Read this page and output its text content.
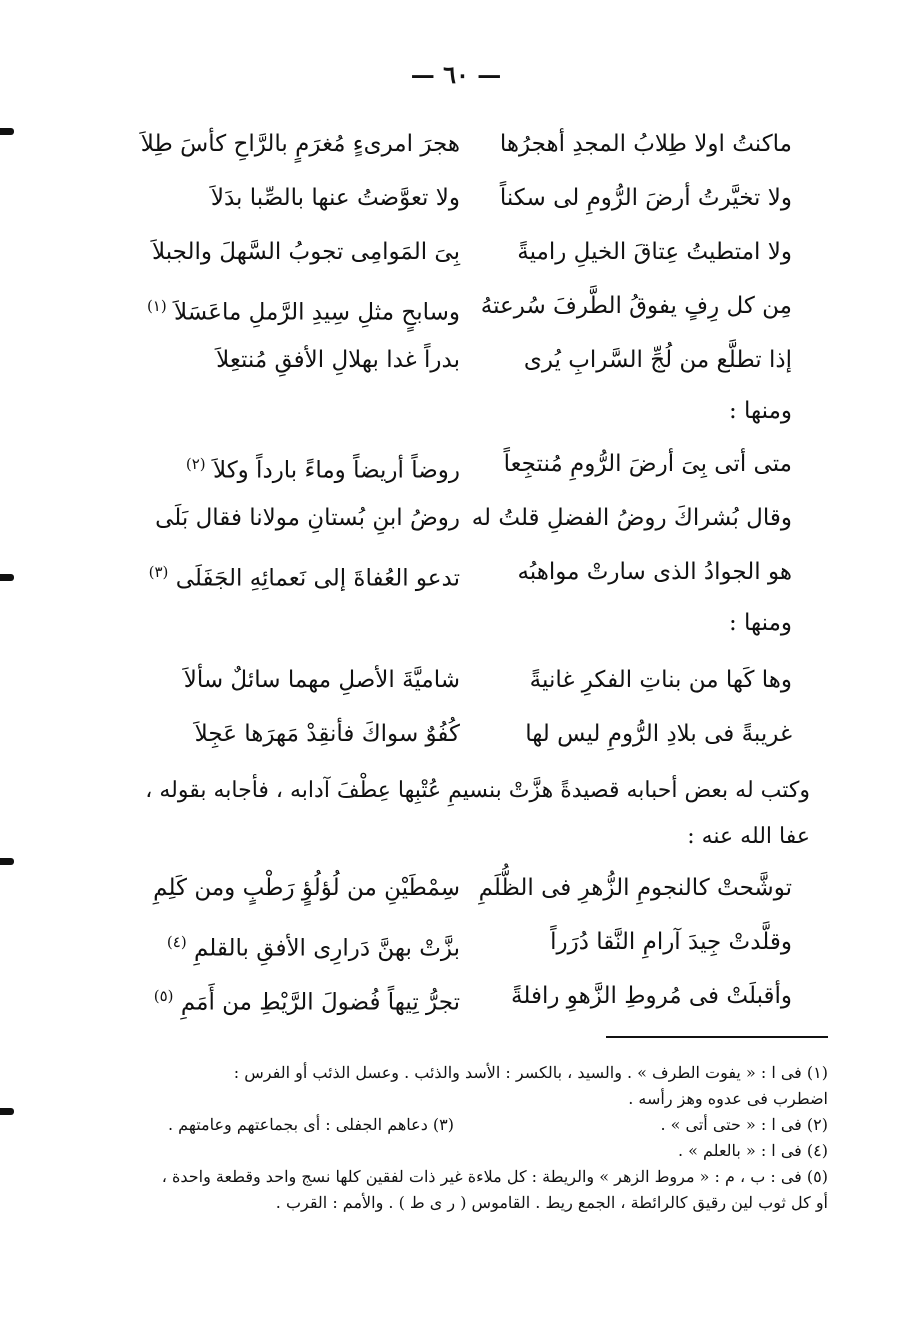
— ٦٠ —
ماكنتُ اولا طِلابُ المجدِ أهجرُها
هجرَ امرىءٍ مُغرَمٍ بالرَّاحِ كأسَ طِلاَ
ولا تخيَّرتُ أرضَ الرُّومِ لى سكناً
ولا تعوَّضتُ عنها بالصِّبا بدَلاَ
ولا امتطيتُ عِتاقَ الخيلِ راميةً
بِىَ المَوامِى تجوبُ السَّهلَ والجبلاَ
مِن كل رِفٍ يفوقُ الطَّرفَ سُرعتهُ
وسابحٍ مثلِ سِيدِ الرَّملِ ماعَسَلاَ $^{(١)}$
إذا تطلَّع من لُجِّ السَّرابِ يُرى
بدراً غدا بهلالِ الأفقِ مُنتعِلاَ
ومنها :
متى أتى بِىَ أرضَ الرُّومِ مُنتجِعاً
روضاً أريضاً وماءً بارداً وكلاَ $^{(٢)}$
وقال بُشراكَ روضُ الفضلِ قلتُ له
روضُ ابنِ بُستانِ مولانا فقال بَلَى
هو الجوادُ الذى سارتْ مواهبُه
تدعو العُفاةَ إلى نَعمائِهِ الجَفَلَى $^{(٣)}$
ومنها :
وها كَها من بناتِ الفكرِ غانيةً
شاميَّةَ الأصلِ مهما سائلٌ سألاَ
غريبةً فى بلادِ الرُّومِ ليس لها
كُفُوٌ سواكَ فأنقِدْ مَهرَها عَجِلاَ
وكتب له بعض أحبابه قصيدةً هزَّتْ بنسيمِ عُتْبِها عِطْفَ آدابه ، فأجابه بقوله ، عفا الله عنه :
توشَّحتْ كالنجومِ الزُّهرِ فى الظُّلَمِ
سِمْطَيْنِ من لُؤلُؤٍ رَطْبٍ ومن كَلِمِ
وقلَّدتْ جِيدَ آرامِ النَّقا دُرَراً
بزَّتْ بهنَّ دَرارِى الأفقِ بالقلمِ $^{(٤)}$
وأقبلَتْ فى مُروطِ الزَّهوِ رافلةً
تجرُّ تِيهاً فُضولَ الرَّيْطِ من أَمَمِ $^{(٥)}$
(١) فى ا : « يفوت الطرف » . والسيد ، بالكسر : الأسد والذئب . وعسل الذئب أو الفرس :
اضطرب فى عدوه وهز رأسه .
(٢) فى ا : « حتى أتى » .
(٣) دعاهم الجفلى : أى بجماعتهم وعامتهم .
(٤) فى ا : « بالعلم » .
(٥) فى : ب ، م : « مروط الزهر » والريطة : كل ملاءة غير ذات لفقين كلها نسج واحد وقطعة واحدة ،
أو كل ثوب لين رقيق كالرائطة ، الجمع ريط . القاموس ( ر ى ط ) . والأمم : القرب .
